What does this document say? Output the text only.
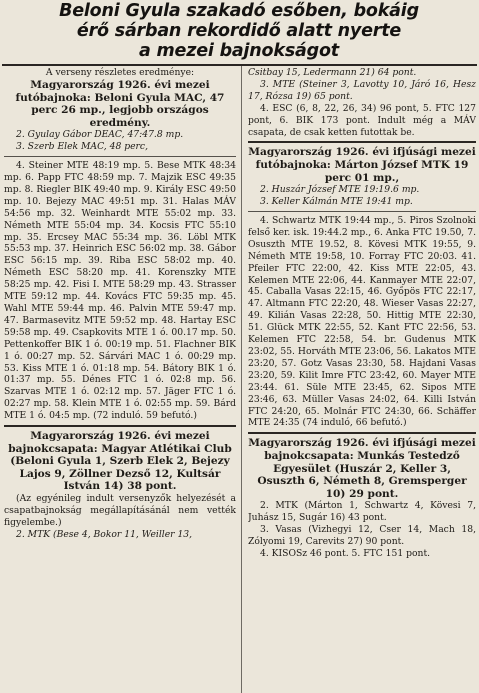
Beloni Gyula szakadó esőben, bokáig
érő sárban rekordidő alatt nyerte
a mezei bajnokságot

A verseny részletes eredménye:

Magyarország 1926. évi mezei futóbajnoka: Beloni Gyula MAC, 47 perc 26 mp., legjobb országos eredmény.

2. Gyulay Gábor DEAC, 47:47.8 mp.

3. Szerb Elek MAC, 48 perc,

4. Steiner MTE 48:19 mp. 5. Bese MTK 48:34 mp. 6. Papp FTC 48:59 mp. 7. Majzik ESC 49:35 mp. 8. Riegler BIK 49:40 mp. 9. Király ESC 49:50 mp. 10. Bejezy MAC 49:51 mp. 31. Halas MÁV 54:56 mp. 32. Weinhardt MTE 55:02 mp. 33. Németh MTE 55:04 mp. 34. Kocsis FTC 55:10 mp. 35. Ercsey MAC 55:34 mp. 36. Löbl MTK 55:53 mp. 37. Heinrich ESC 56:02 mp. 38. Gábor ESC 56:15 mp. 39. Riba ESC 58:02 mp. 40. Németh ESC 58:20 mp. 41. Korenszky MTE 58:25 mp. 42. Fisi I. MTE 58:29 mp. 43. Strasser MTE 59:12 mp. 44. Kovács FTC 59:35 mp. 45. Wahl MTE 59:44 mp. 46. Palvin MTE 59:47 mp. 47. Barmasevitz MTE 59:52 mp. 48. Hartay ESC 59:58 mp. 49. Csapkovits MTE 1 ó. 00.17 mp. 50. Pettenkoffer BIK 1 ó. 00:19 mp. 51. Flachner BIK 1 ó. 00:27 mp. 52. Sárvári MAC 1 ó. 00:29 mp. 53. Kiss MTE 1 ó. 01:18 mp. 54. Bátory BIK 1 ó. 01:37 mp. 55. Dénes FTC 1 ó. 02:8 mp. 56. Szarvas MTE 1 ó. 02:12 mp. 57. Jäger FTC 1 ó. 02:27 mp. 58. Klein MTE 1 ó. 02:55 mp. 59. Bárd MTE 1 ó. 04:5 mp. (72 induló. 59 befutó.)

Magyarország 1926. évi mezei bajnokcsapata: Magyar Atlétikai Club (Beloni Gyula 1, Szerb Elek 2, Bejezy Lajos 9, Zöllner Dezső 12, Kultsár István 14) 38 pont.

(Az egyénileg indult versenyzők helyezését a csapatbajnokság megállapításánál nem vették figyelembe.)

2. MTK (Bese 4, Bokor 11, Weiller 13,

Csitbay 15, Ledermann 21) 64 pont.

3. MTE (Steiner 3, Lavotty 10, Járó 16, Hesz 17, Rózsa 19) 65 pont.

4. ESC (6, 8, 22, 26, 34) 96 pont, 5. FTC 127 pont, 6. BIK 173 pont. Indult még a MÁV csapata, de csak ketten futottak be.

Magyarország 1926. évi ifjúsági mezei futóbajnoka: Márton József MTK 19 perc 01 mp.,

2. Huszár József MTE 19:19.6 mp.

3. Keller Kálmán MTE 19:41 mp.

4. Schwartz MTK 19:44 mp., 5. Piros Szolnoki felső ker. isk. 19:44.2 mp., 6. Anka FTC 19.50, 7. Osuszth MTE 19.52, 8. Kövesi MTK 19:55, 9. Németh MTE 19:58, 10. Forray FTC 20:03. 41. Pfeiler FTC 22:00, 42. Kiss MTE 22:05, 43. Kelemen MTE 22:06, 44. Kanmayer MTE 22:07, 45. Caballa Vasas 22:15, 46. Győpös FTC 22:17, 47. Altmann FTC 22:20, 48. Wieser Vasas 22:27, 49. Kilián Vasas 22:28, 50. Hittig MTE 22:30, 51. Glück MTK 22:55, 52. Kant FTC 22:56, 53. Kelemen FTC 22:58, 54. br. Gudenus MTK 23:02, 55. Horváth MTE 23:06, 56. Lakatos MTE 23:20, 57. Gotz Vasas 23:30, 58. Hajdani Vasas 23:20, 59. Kilit Imre FTC 23:42, 60. Mayer MTE 23:44. 61. Süle MTE 23:45, 62. Sipos MTE 23:46, 63. Müller Vasas 24:02, 64. Killi István FTC 24:20, 65. Molnár FTC 24:30, 66. Schäffer MTE 24:35 (74 induló, 66 befutó.)

Magyarország 1926. évi ifjúsági mezei bajnokcsapata: Munkás Testedző Egyesület (Huszár 2, Keller 3, Osuszth 6, Németh 8, Gremsperger 10) 29 pont.

2. MTK (Márton 1, Schwartz 4, Kövesi 7, Juhász 15, Sugár 16) 43 pont.

3. Vasas (Vizhegyi 12, Cser 14, Mach 18, Zólyomi 19, Carevits 27) 90 pont.

4. KISOSz 46 pont. 5. FTC 151 pont.
